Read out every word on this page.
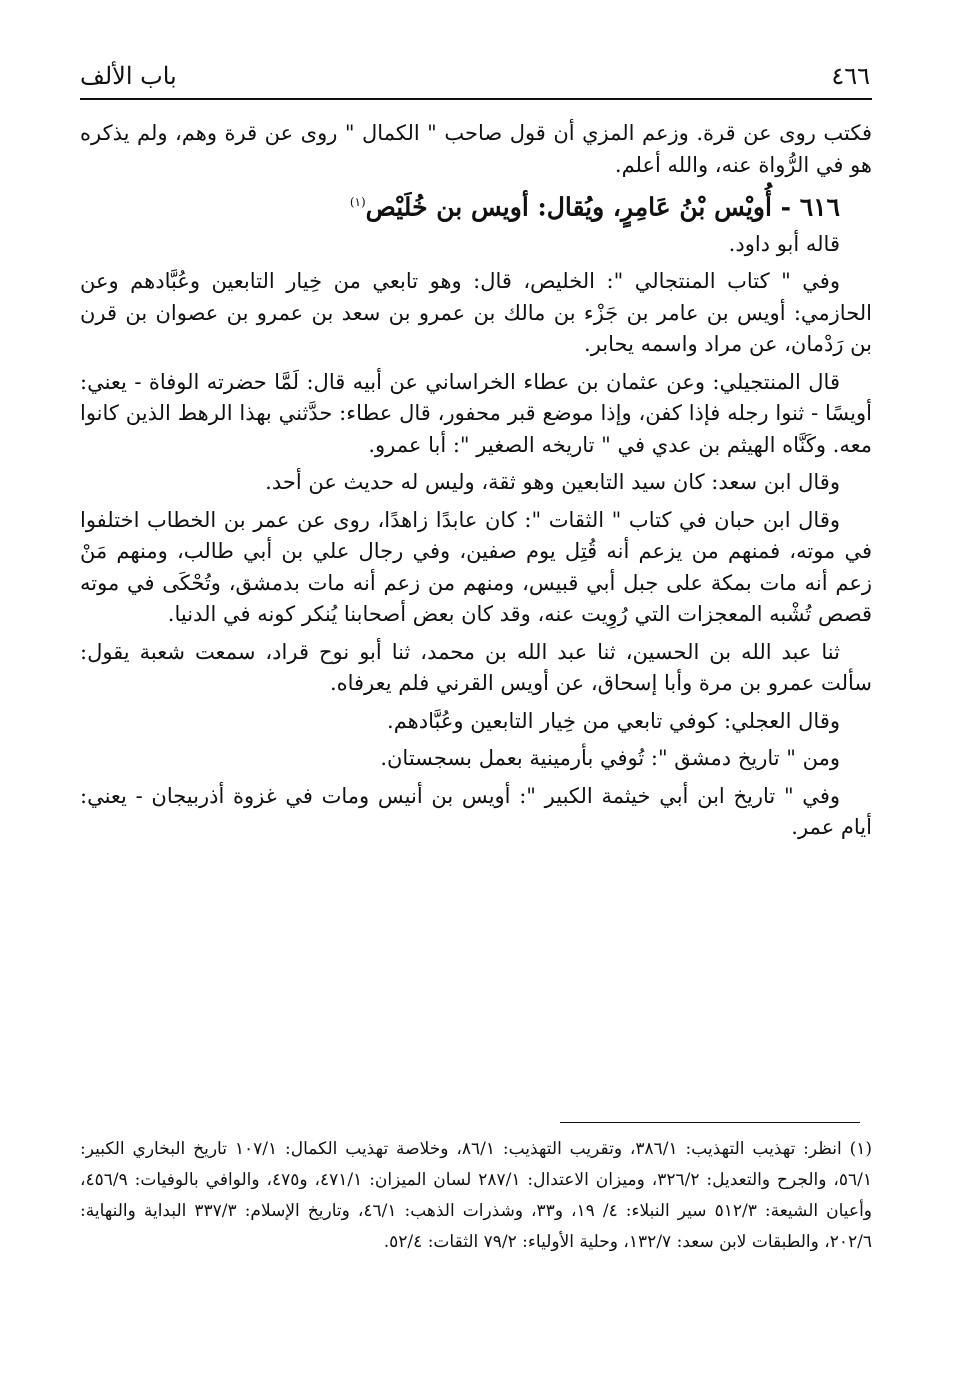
٤٦٦
باب الألف

فكتب روى عن قرة. وزعم المزي أن قول صاحب " الكمال " روى عن قرة وهم، ولم يذكره هو في الرُّواة عنه، والله أعلم.

٦١٦ - أُويْس بْنُ عَامِرٍ، ويُقال: أويس بن خُلَيْص$^{(١)}$

قاله أبو داود.

وفي " كتاب المنتجالي ": الخليص، قال: وهو تابعي من خِيار التابعين وعُبَّادهم وعن الحازمي: أويس بن عامر بن جَزْء بن مالك بن عمرو بن سعد بن عمرو بن عصوان بن قرن بن رَدْمان، عن مراد واسمه يحابر.

قال المنتجيلي: وعن عثمان بن عطاء الخراساني عن أبيه قال: لَمَّا حضرته الوفاة - يعني: أويسًا - ثنوا رجله فإذا كفن، وإذا موضع قبر محفور، قال عطاء: حدَّثني بهذا الرهط الذين كانوا معه. وكَنَّاه الهيثم بن عدي في " تاريخه الصغير ": أبا عمرو.

وقال ابن سعد: كان سيد التابعين وهو ثقة، وليس له حديث عن أحد.

وقال ابن حبان في كتاب " الثقات ": كان عابدًا زاهدًا، روى عن عمر بن الخطاب اختلفوا في موته، فمنهم من يزعم أنه قُتِل يوم صفين، وفي رجال علي بن أبي طالب، ومنهم مَنْ زعم أنه مات بمكة على جبل أبي قبيس، ومنهم من زعم أنه مات بدمشق، وتُحْكَى في موته قصص تُشْبه المعجزات التي رُوِيت عنه، وقد كان بعض أصحابنا يُنكر كونه في الدنيا.

ثنا عبد الله بن الحسين، ثنا عبد الله بن محمد، ثنا أبو نوح قراد، سمعت شعبة يقول: سألت عمرو بن مرة وأبا إسحاق، عن أويس القرني فلم يعرفاه.

وقال العجلي: كوفي تابعي من خِيار التابعين وعُبَّادهم.

ومن " تاريخ دمشق ": تُوفي بأرمينية بعمل بسجستان.

وفي " تاريخ ابن أبي خيثمة الكبير ": أويس بن أنيس ومات في غزوة أذربيجان - يعني: أيام عمر.

(١) انظر: تهذيب التهذيب: ٣٨٦/١، وتقريب التهذيب: ٨٦/١، وخلاصة تهذيب الكمال: ١٠٧/١ تاريخ البخاري الكبير: ٥٦/١، والجرح والتعديل: ٣٢٦/٢، وميزان الاعتدال: ٢٨٧/١ لسان الميزان: ٤٧١/١، و٤٧٥، والوافي بالوفيات: ٤٥٦/٩، وأعيان الشيعة: ٥١٢/٣ سير النبلاء: ٤/ ١٩، و٣٣، وشذرات الذهب: ٤٦/١، وتاريخ الإسلام: ٣٣٧/٣ البداية والنهاية: ٢٠٢/٦، والطبقات لابن سعد: ١٣٢/٧، وحلية الأولياء: ٧٩/٢ الثقات: ٥٢/٤.
